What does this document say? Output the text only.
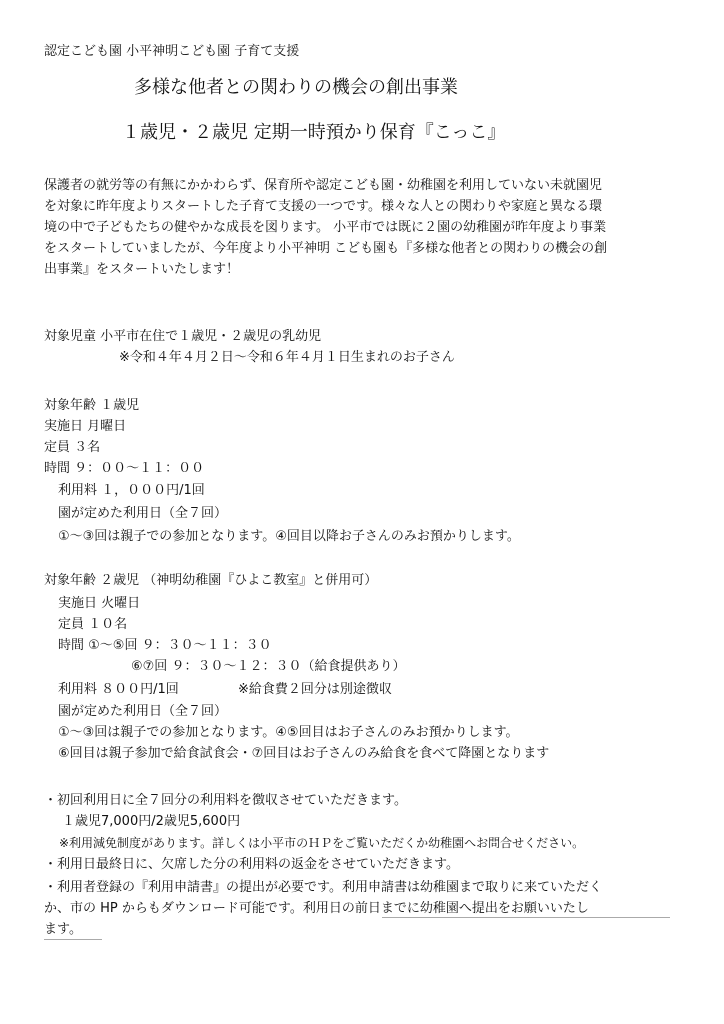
認定こども園 小平神明こども園 子育て支援
多様な他者との関わりの機会の創出事業
１歳児・２歳児 定期一時預かり保育『こっこ』
保護者の就労等の有無にかかわらず、保育所や認定こども園・幼稚園を利用していない未就園児
を対象に昨年度よりスタートした子育て支援の一つです。様々な人との関わりや家庭と異なる環
境の中で子どもたちの健やかな成長を図ります。 小平市では既に２園の幼稚園が昨年度より事業
をスタートしていましたが、今年度より小平神明 こども園も『多様な他者との関わりの機会の創
出事業』をスタートいたします！
対象児童 小平市在住で１歳児・２歳児の乳幼児
※令和４年４月２日～令和６年４月１日生まれのお子さん
対象年齢 １歳児
実施日 月曜日
定員 ３名
時間 ９：００～１１：００
利用料 １，０００円/1回
園が定めた利用日（全７回）
①～③回は親子での参加となります。④回目以降お子さんのみお預かりします。
対象年齢 ２歳児 （神明幼稚園『ひよこ教室』と併用可）
実施日 火曜日
定員 １０名
時間 ①～⑤回 ９：３０～１１：３０
⑥⑦回 ９：３０～１２：３０（給食提供あり）
利用料 ８００円/1回	※給食費２回分は別途徴収
園が定めた利用日（全７回）
①～③回は親子での参加となります。④⑤回目はお子さんのみお預かりします。
⑥回目は親子参加で給食試食会・⑦回目はお子さんのみ給食を食べて降園となります
・初回利用日に全７回分の利用料を徴収させていただきます。
１歳児7,000円/2歳児5,600円
※利用減免制度があります。詳しくは小平市のＨＰをご覧いただくか幼稚園へお問合せください。
・利用日最終日に、欠席した分の利用料の返金をさせていただきます。
・利用者登録の『利用申請書』の提出が必要です。利用申請書は幼稚園まで取りに来ていただく
か、市の HP からもダウンロード可能です。利用日の前日までに幼稚園へ提出をお願いいたし
ます。
